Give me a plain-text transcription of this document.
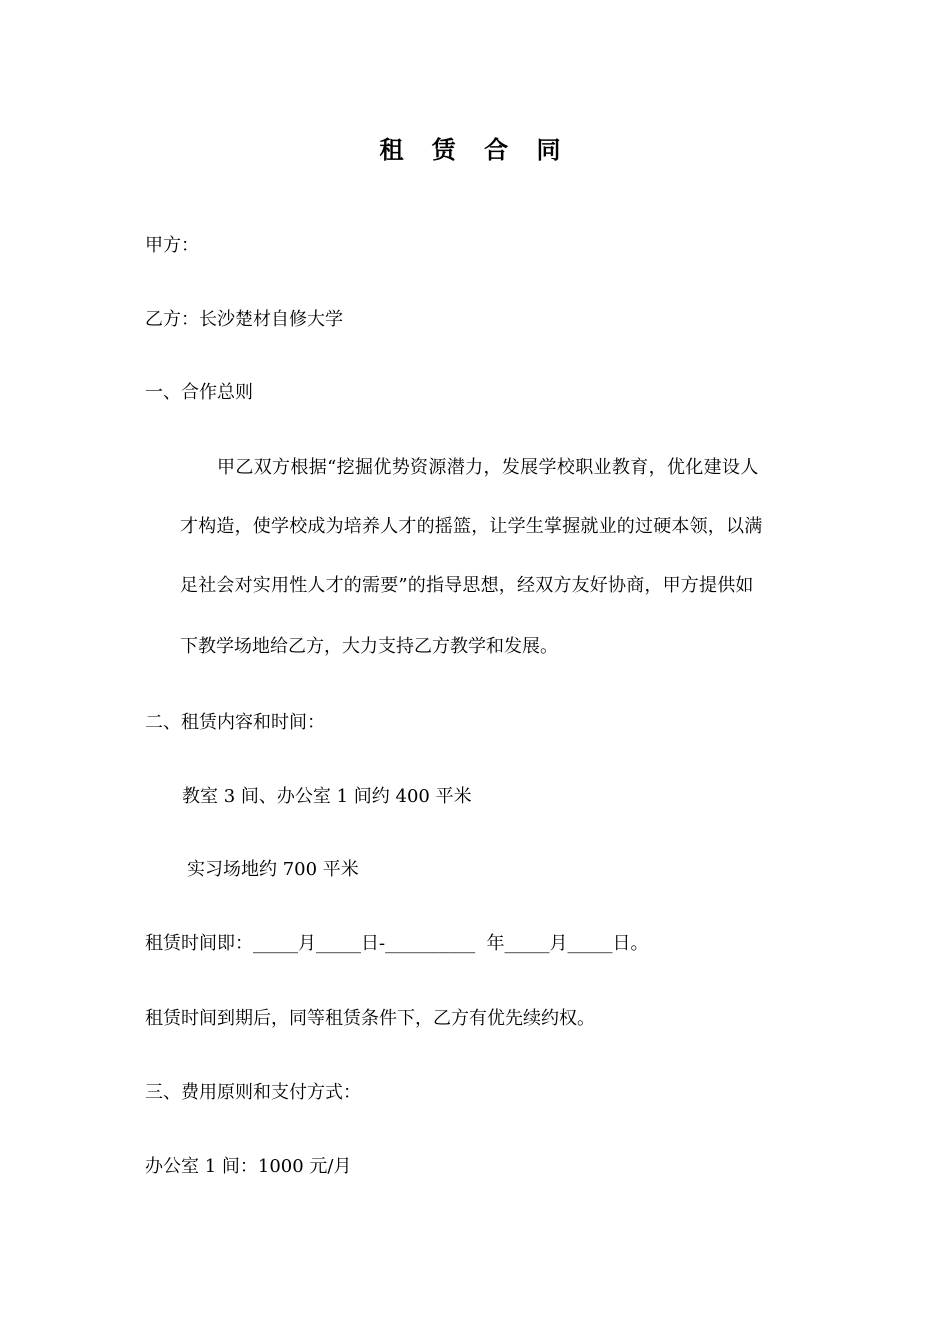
租 赁 合 同
甲方：
乙方：长沙楚材自修大学
一、合作总则
甲乙双方根据“挖掘优势资源潜力，发展学校职业教育，优化建设人
才构造，使学校成为培养人才的摇篮，让学生掌握就业的过硬本领，以满
足社会对实用性人才的需要”的指导思想，经双方友好协商，甲方提供如
下教学场地给乙方，大力支持乙方教学和发展。
二、租赁内容和时间：
教室 3 间、办公室 1 间约 400 平米
实习场地约 700 平米
租赁时间即：_____月_____日-__________  年_____月_____日。
租赁时间到期后，同等租赁条件下，乙方有优先续约权。
三、费用原则和支付方式：
办公室 1 间：1000 元/月
